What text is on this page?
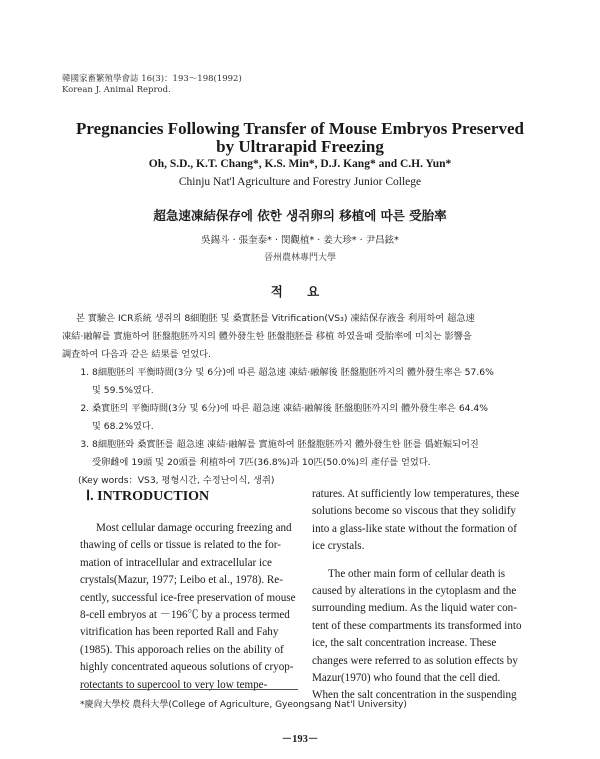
韓國家畜繁殖學會誌 16(3)：193～198(1992)
Korean J. Animal Reprod.
Pregnancies Following Transfer of Mouse Embryos Preserved
by Ultrarapid Freezing
Oh, S.D., K.T. Chang*, K.S. Min*, D.J. Kang* and C.H. Yun*
Chinju Nat'l Agriculture and Forestry Junior College
超急速凍結保存에 依한 생쥐卵의 移植에 따른 受胎率
吳錫斗 · 張奎泰* · 閔觀植* · 姜大珍* · 尹昌鉉*
晉州農林專門大學
적 요

본 實驗은 ICR系統 생쥐의 8細胞胚 및 桑實胚를 Vitrification(VS₃) 凍結保存液을 利用하여 超急速
凍結·融解를 實施하여 胚盤胞胚까지의 體外發生한 胚盤胞胚를 移植 하였을때 受胎率에 미치는 影響을
調査하여 다음과 같은 結果를 얻었다.

1. 8細胞胚의 平衡時間(3分 및 6分)에 따른 超急速 凍結·融解後 胚盤胞胚까지의 體外發生率은 57.6%
및 59.5%였다.
2. 桑實胚의 平衡時間(3分 및 6分)에 따른 超急速 凍結·融解後 胚盤胞胚까지의 體外發生率은 64.4%
및 68.2%였다.
3. 8細胞胚와 桑實胚를 超急速 凍結·融解를 實施하여 胚盤胞胚까지 體外發生한 胚를 僞姙娠되어진
受卵雌에 19頭 및 20頭를 利植하여 7匹(36.8%)과 10匹(50.0%)의 產仔를 얻었다.

(Key words：VS3, 평형시간, 수정난이식, 생쥐)

Ⅰ. INTRODUCTION

Most cellular damage occuring freezing and
thawing of cells or tissue is related to the for-
mation of intracellular and extracellular ice
crystals(Mazur, 1977; Leibo et al., 1978). Re-
cently, successful ice-free preservation of mouse
8-cell embryos at －196℃ by a process termed
vitrification has been reported Rall and Fahy
(1985). This apporoach relies on the ability of
highly concentrated aqueous solutions of cryop-
rotectants to supercool to very low tempe-

ratures. At sufficiently low temperatures, these
solutions become so viscous that they solidify
into a glass-like state without the formation of
ice crystals.

The other main form of cellular death is
caused by alterations in the cytoplasm and the
surrounding medium. As the liquid water con-
tent of these compartments its transformed into
ice, the salt concentration increase. These
changes were referred to as solution effects by
Mazur(1970) who found that the cell died.
When the salt concentration in the suspending

*慶尙大學校 農科大學(College of Agriculture, Gyeongsang Nat'l University)
－193－
